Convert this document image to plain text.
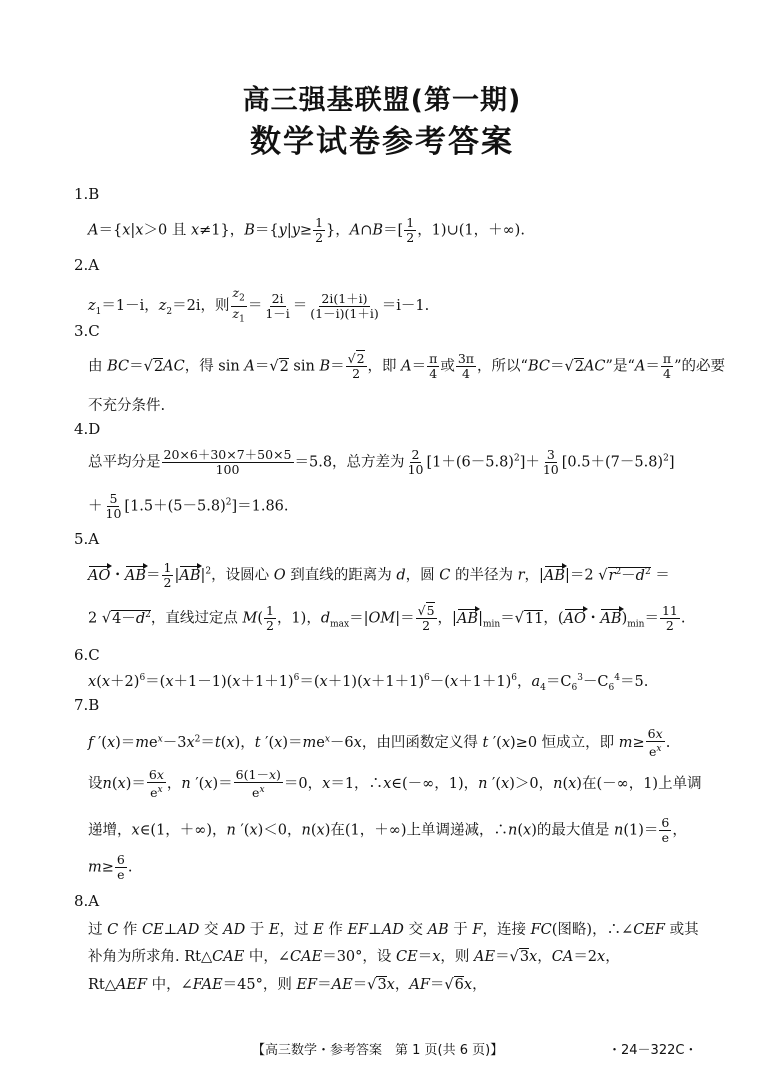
高三强基联盟(第一期)
数学试卷参考答案
1.B
A＝{x|x＞0 且 x≠1}，$B=\{y|y\ge \frac{1}{2}$ }，A∩B＝[ $\frac{1}{2}$ ，1)∪(1，＋∞).
2.A
$z_1=1-i$，$z_2=2i$，则 $\frac{z_2}{z_1} = \frac{2i}{1-i} = \frac{2i(1+i)}{(1-i)(1+i)} =i-1$.
3.C
由 BC＝√2AC，得 sin A＝√2 $\sin B= \frac{√2}{2}$ ，即 $A= \frac{\pi}{4}$ 或 $\frac{3\pi}{4}$ ，所以“BC＝√2AC”是“$A= \frac{\pi}{4}$ ”的必要
不充分条件.
4.D
总平均分是 $\frac{20\times 6+30\times 7+50\times 5}{100} =5.8$，总方差为 $\frac{2}{10} [1+(6-5.8)^2]+ \frac{3}{10} [0.5+(7-5.8)^2]$
＋ $\frac{5}{10} [1.5+(5-5.8)^2]=1.86$.
5.A
AO・$AB= \frac{1}{2} |AB|^2$，设圆心 O 到直线的距离为 d，圆 C 的半径为 r，|AB|＝2 $√r^2-d^2$ ＝
2 $√4-d^2$，直线过定点 $M( \frac{1}{2}$ ，1)，$d_{max}=|OM|= \frac{√5}{2}$ ，$|AB|_{min}=√11$，(AO・$AB)_{min}= \frac{11}{2}$ .
6.C
$x(x+2)^6=(x+1-1)(x+1+1)^6=(x+1)(x+1+1)^6-(x+1+1)^6$，$a_4=C_6^3-C_6^4=5$.
7.B
f $'(x)=me^x-3x^2=t(x)$，t $'(x)=me^x-6x$，由凹函数定义得 t ′(x)≥0 恒成立，即 $m\ge \frac{6x}{e^x}$ .
设$n(x)= \frac{6x}{e^x}$ ，n $'(x)= \frac{6(1-x)}{e^x} =0$，x＝1，∴x∈(－∞，1)，n ′(x)＞0，n(x)在(－∞，1)上单调
递增，x∈(1，＋∞)，n ′(x)＜0，n(x)在(1，＋∞)上单调递减，∴n(x)的最大值是 $n(1)= \frac{6}{e}$ ，
$m\ge \frac{6}{e}$ .
8.A
过 C 作 CE⊥AD 交 AD 于 E，过 E 作 EF⊥AD 交 AB 于 F，连接 FC(图略)，∴∠CEF 或其
补角为所求角. Rt△CAE 中，∠CAE＝30°，设 CE＝x，则 AE＝√3x，CA＝2x，
Rt△AEF 中，∠FAE＝45°，则 EF＝AE＝√3x，AF＝√6x，
【高三数学・参考答案　第 1 页(共 6 页)】	・24－322C・
